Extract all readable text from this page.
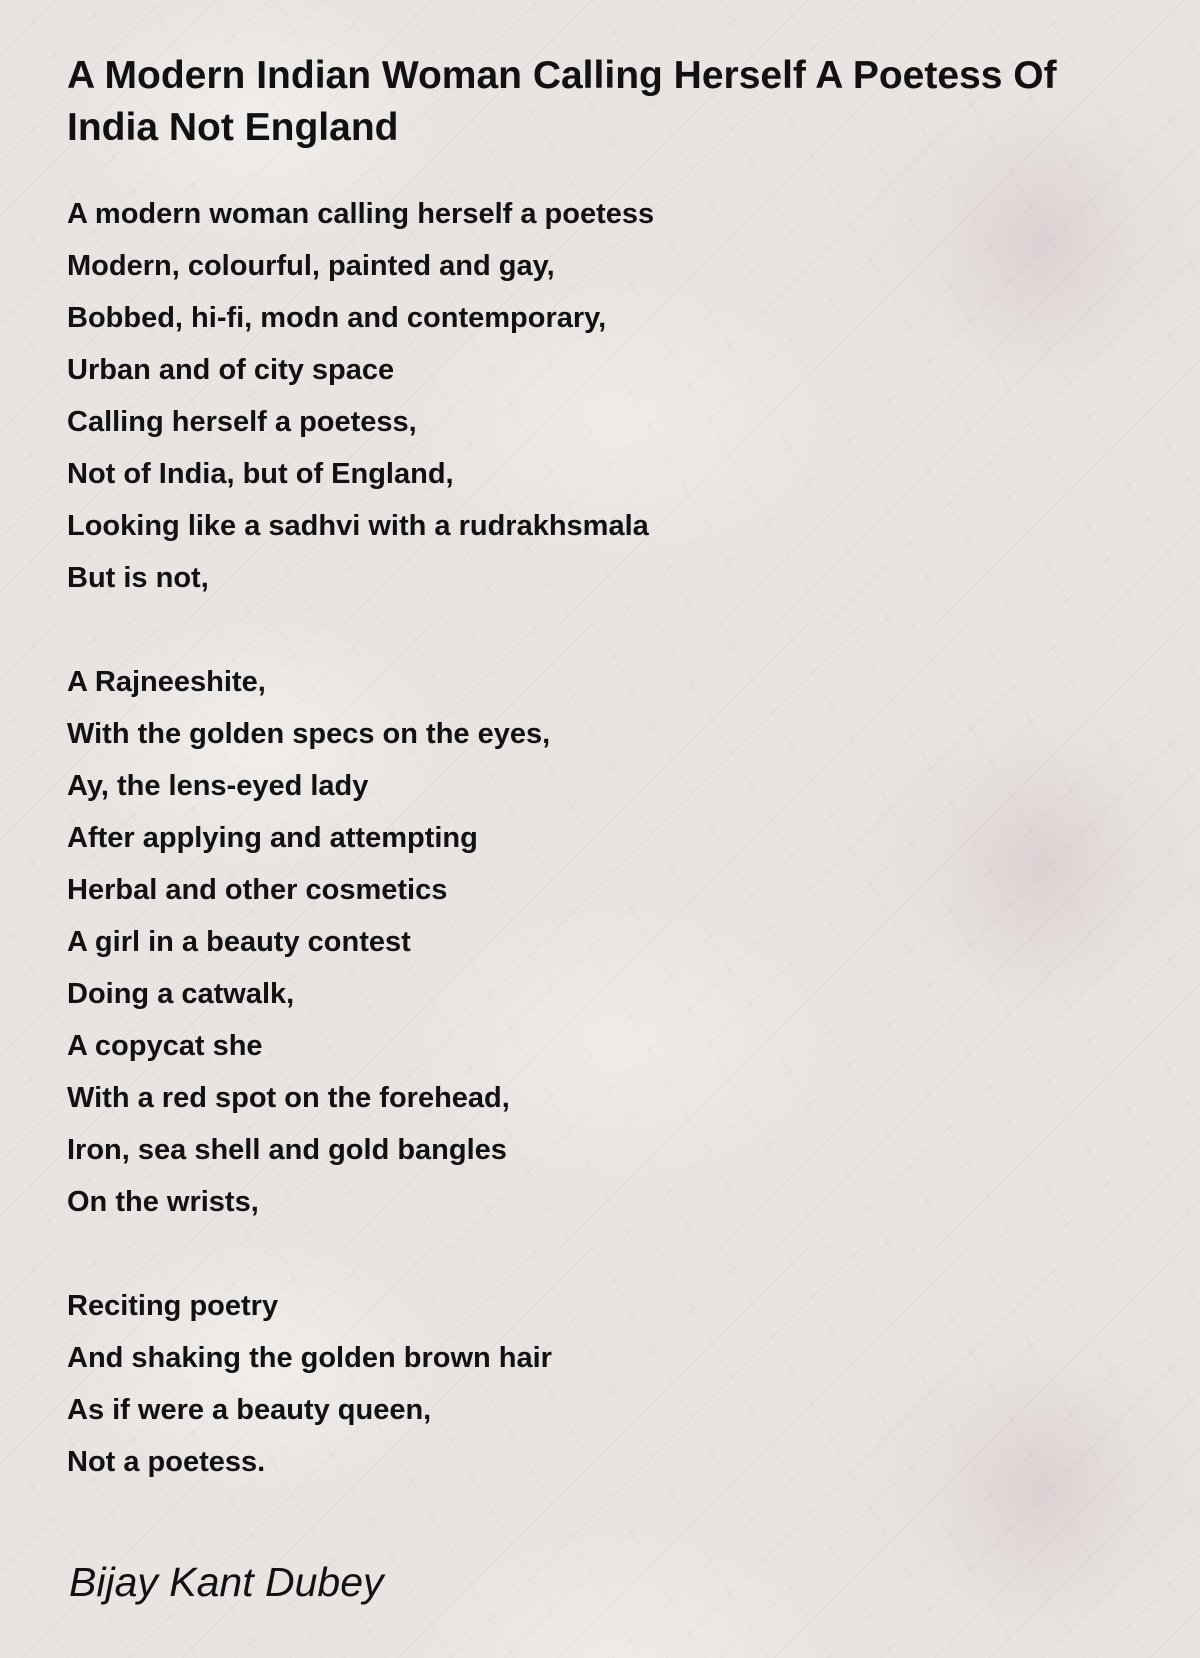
A Modern Indian Woman Calling Herself A Poetess Of India Not England
A modern woman calling herself a poetess
Modern, colourful, painted and gay,
Bobbed, hi-fi, modn and contemporary,
Urban and of city space
Calling herself a poetess,
Not of India, but of England,
Looking like a sadhvi with a rudrakhsmala
But is not,
A Rajneeshite,
With the golden specs on the eyes,
Ay, the lens-eyed lady
After applying and attempting
Herbal and other cosmetics
A girl in a beauty contest
Doing a catwalk,
A copycat she
With a red spot on the forehead,
Iron, sea shell and gold bangles
On the wrists,
Reciting poetry
And shaking the golden brown hair
As if were a beauty queen,
Not a poetess.
Bijay Kant Dubey
